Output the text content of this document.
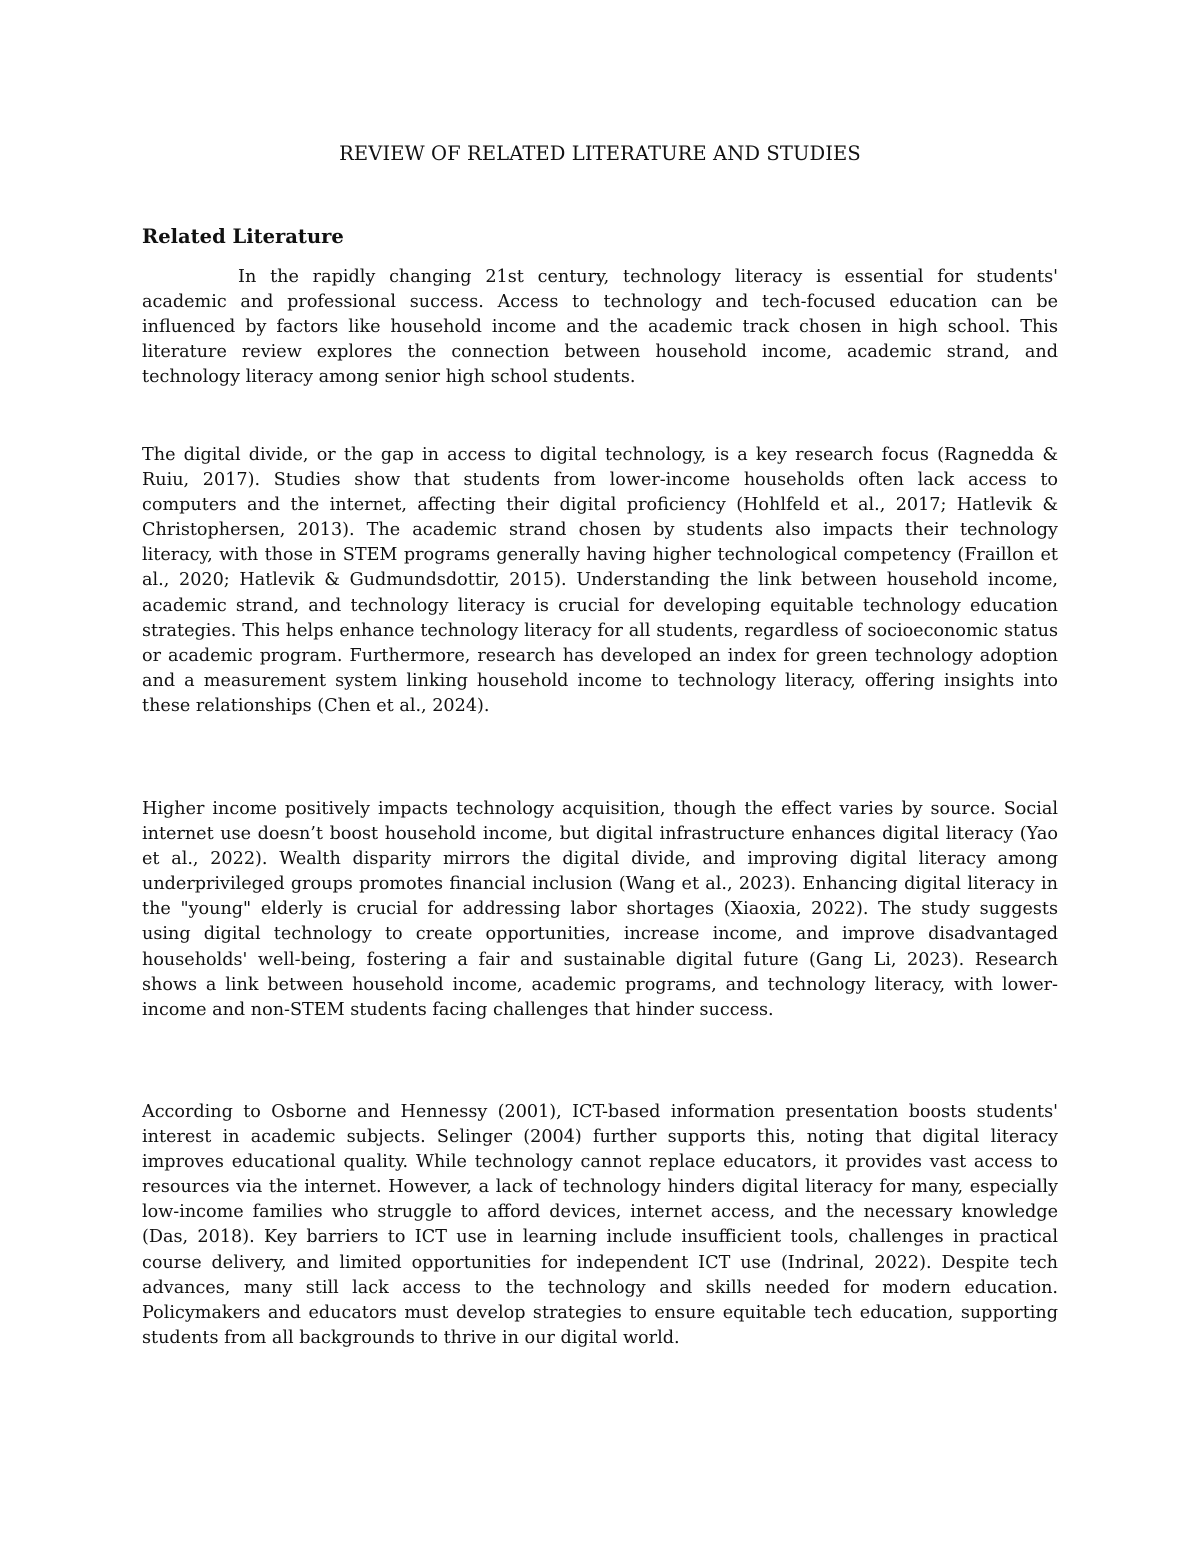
REVIEW OF RELATED LITERATURE AND STUDIES
Related Literature

In the rapidly changing 21st century, technology literacy is essential for students' academic and professional success. Access to technology and tech-focused education can be influenced by factors like household income and the academic track chosen in high school. This literature review explores the connection between household income, academic strand, and technology literacy among senior high school students.

The digital divide, or the gap in access to digital technology, is a key research focus (Ragnedda & Ruiu, 2017). Studies show that students from lower-income households often lack access to computers and the internet, affecting their digital proficiency (Hohlfeld et al., 2017; Hatlevik & Christophersen, 2013). The academic strand chosen by students also impacts their technology literacy, with those in STEM programs generally having higher technological competency (Fraillon et al., 2020; Hatlevik & Gudmundsdottir, 2015). Understanding the link between household income, academic strand, and technology literacy is crucial for developing equitable technology education strategies. This helps enhance technology literacy for all students, regardless of socioeconomic status or academic program. Furthermore, research has developed an index for green technology adoption and a measurement system linking household income to technology literacy, offering insights into these relationships (Chen et al., 2024).

Higher income positively impacts technology acquisition, though the effect varies by source. Social internet use doesn’t boost household income, but digital infrastructure enhances digital literacy (Yao et al., 2022). Wealth disparity mirrors the digital divide, and improving digital literacy among underprivileged groups promotes financial inclusion (Wang et al., 2023). Enhancing digital literacy in the "young" elderly is crucial for addressing labor shortages (Xiaoxia, 2022). The study suggests using digital technology to create opportunities, increase income, and improve disadvantaged households' well-being, fostering a fair and sustainable digital future (Gang Li, 2023). Research shows a link between household income, academic programs, and technology literacy, with lower-income and non-STEM students facing challenges that hinder success.

According to Osborne and Hennessy (2001), ICT-based information presentation boosts students' interest in academic subjects. Selinger (2004) further supports this, noting that digital literacy improves educational quality. While technology cannot replace educators, it provides vast access to resources via the internet. However, a lack of technology hinders digital literacy for many, especially low-income families who struggle to afford devices, internet access, and the necessary knowledge (Das, 2018). Key barriers to ICT use in learning include insufficient tools, challenges in practical course delivery, and limited opportunities for independent ICT use (Indrinal, 2022). Despite tech advances, many still lack access to the technology and skills needed for modern education. Policymakers and educators must develop strategies to ensure equitable tech education, supporting students from all backgrounds to thrive in our digital world.
